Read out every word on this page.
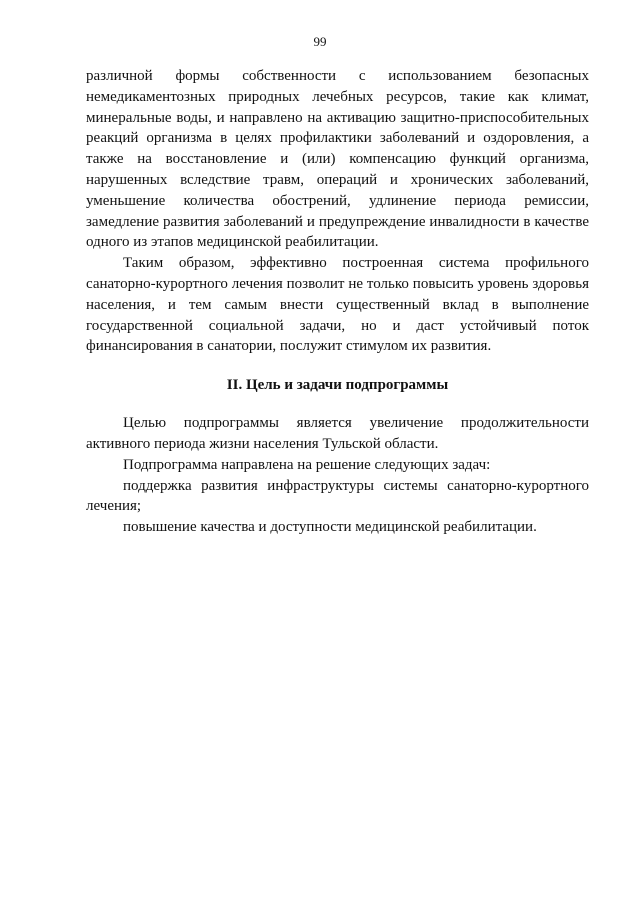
99

различной формы собственности с использованием безопасных немедикаментозных природных лечебных ресурсов, такие как климат, минеральные воды, и направлено на активацию защитно-приспособительных реакций организма в целях профилактики заболеваний и оздоровления, а также на восстановление и (или) компенсацию функций организма, нарушенных вследствие травм, операций и хронических заболеваний, уменьшение количества обострений, удлинение периода ремиссии, замедление развития заболеваний и предупреждение инвалидности в качестве одного из этапов медицинской реабилитации.

Таким образом, эффективно построенная система профильного санаторно-курортного лечения позволит не только повысить уровень здоровья населения, и тем самым внести существенный вклад в выполнение государственной социальной задачи, но и даст устойчивый поток финансирования в санатории, послужит стимулом их развития.

II. Цель и задачи подпрограммы

Целью подпрограммы является увеличение продолжительности активного периода жизни населения Тульской области.

Подпрограмма направлена на решение следующих задач:

поддержка развития инфраструктуры системы санаторно-курортного лечения;

повышение качества и доступности медицинской реабилитации.
